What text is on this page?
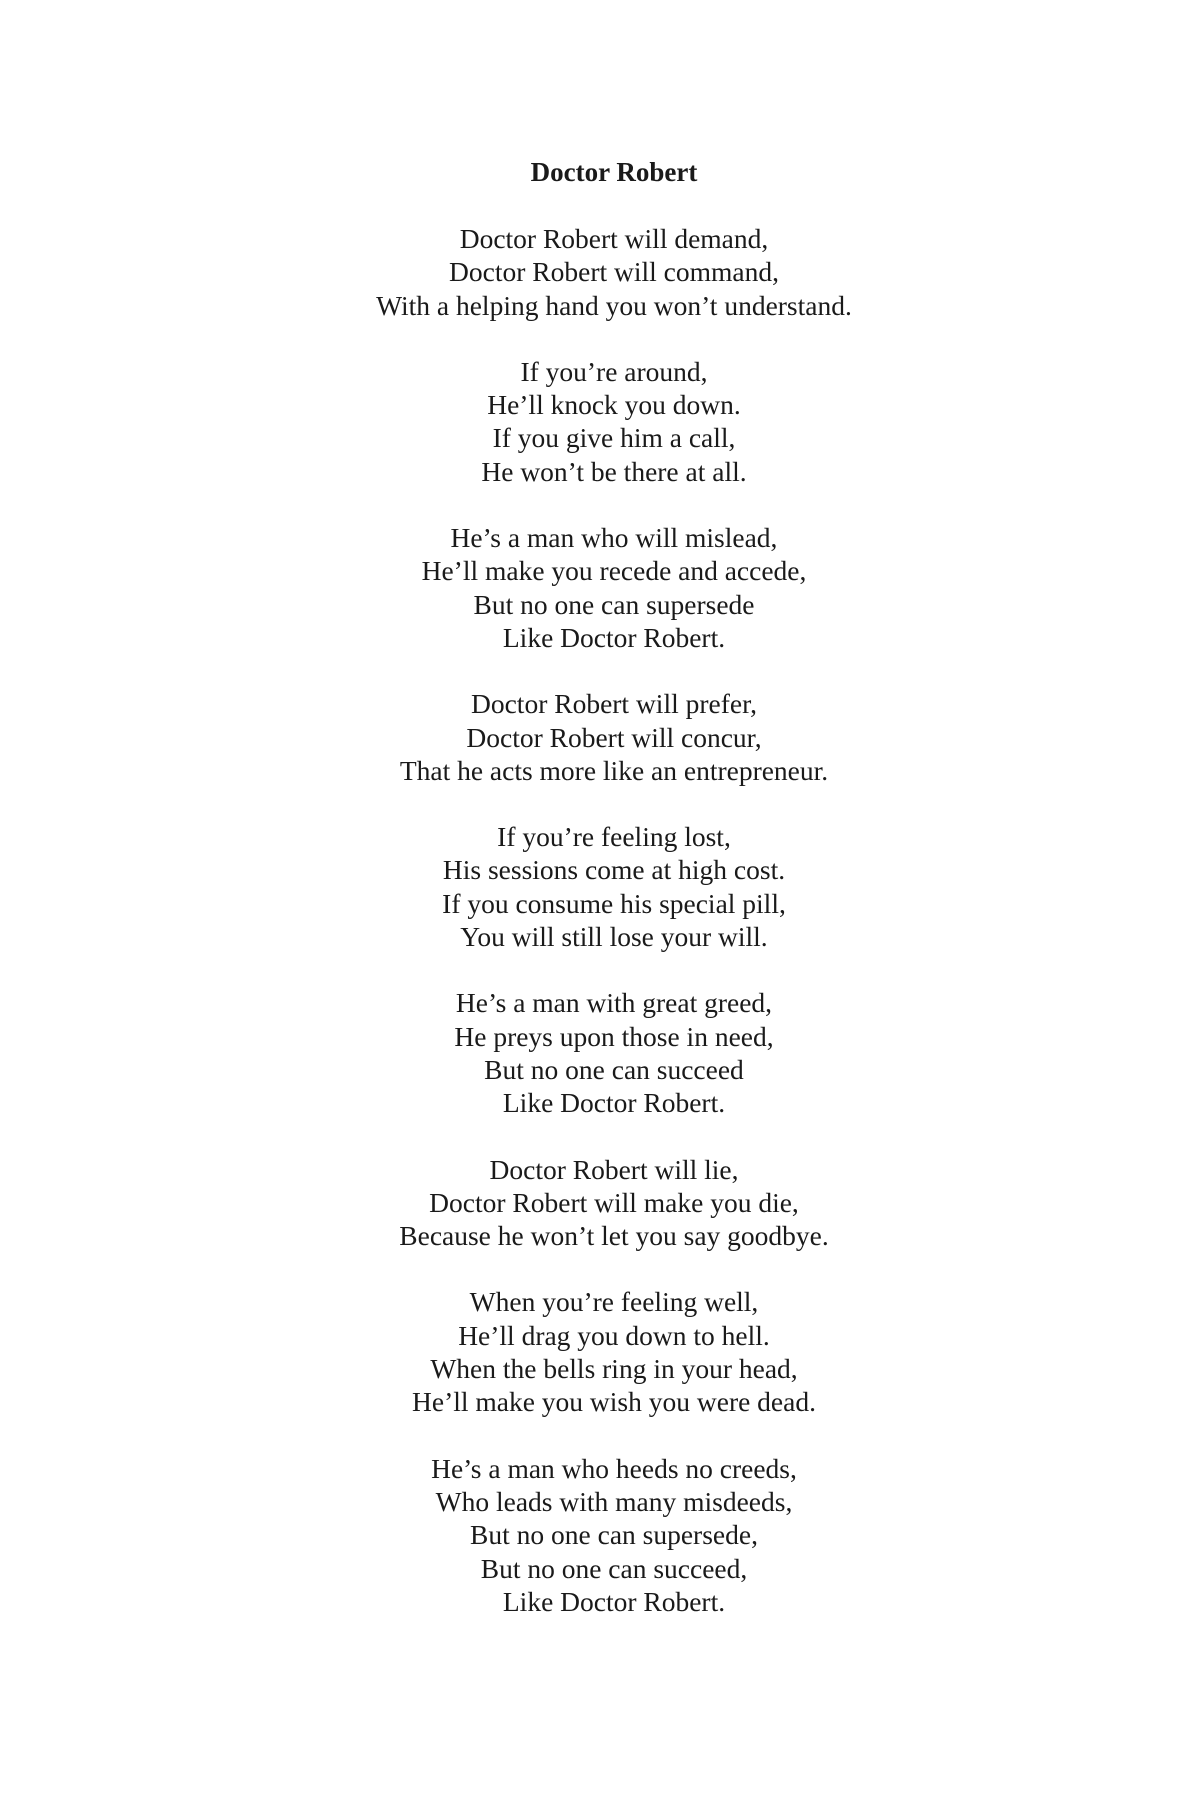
Doctor Robert
Doctor Robert will demand,
Doctor Robert will command,
With a helping hand you won’t understand.
If you’re around,
He’ll knock you down.
If you give him a call,
He won’t be there at all.
He’s a man who will mislead,
He’ll make you recede and accede,
But no one can supersede
Like Doctor Robert.
Doctor Robert will prefer,
Doctor Robert will concur,
That he acts more like an entrepreneur.
If you’re feeling lost,
His sessions come at high cost.
If you consume his special pill,
You will still lose your will.
He’s a man with great greed,
He preys upon those in need,
But no one can succeed
Like Doctor Robert.
Doctor Robert will lie,
Doctor Robert will make you die,
Because he won’t let you say goodbye.
When you’re feeling well,
He’ll drag you down to hell.
When the bells ring in your head,
He’ll make you wish you were dead.
He’s a man who heeds no creeds,
Who leads with many misdeeds,
But no one can supersede,
But no one can succeed,
Like Doctor Robert.
